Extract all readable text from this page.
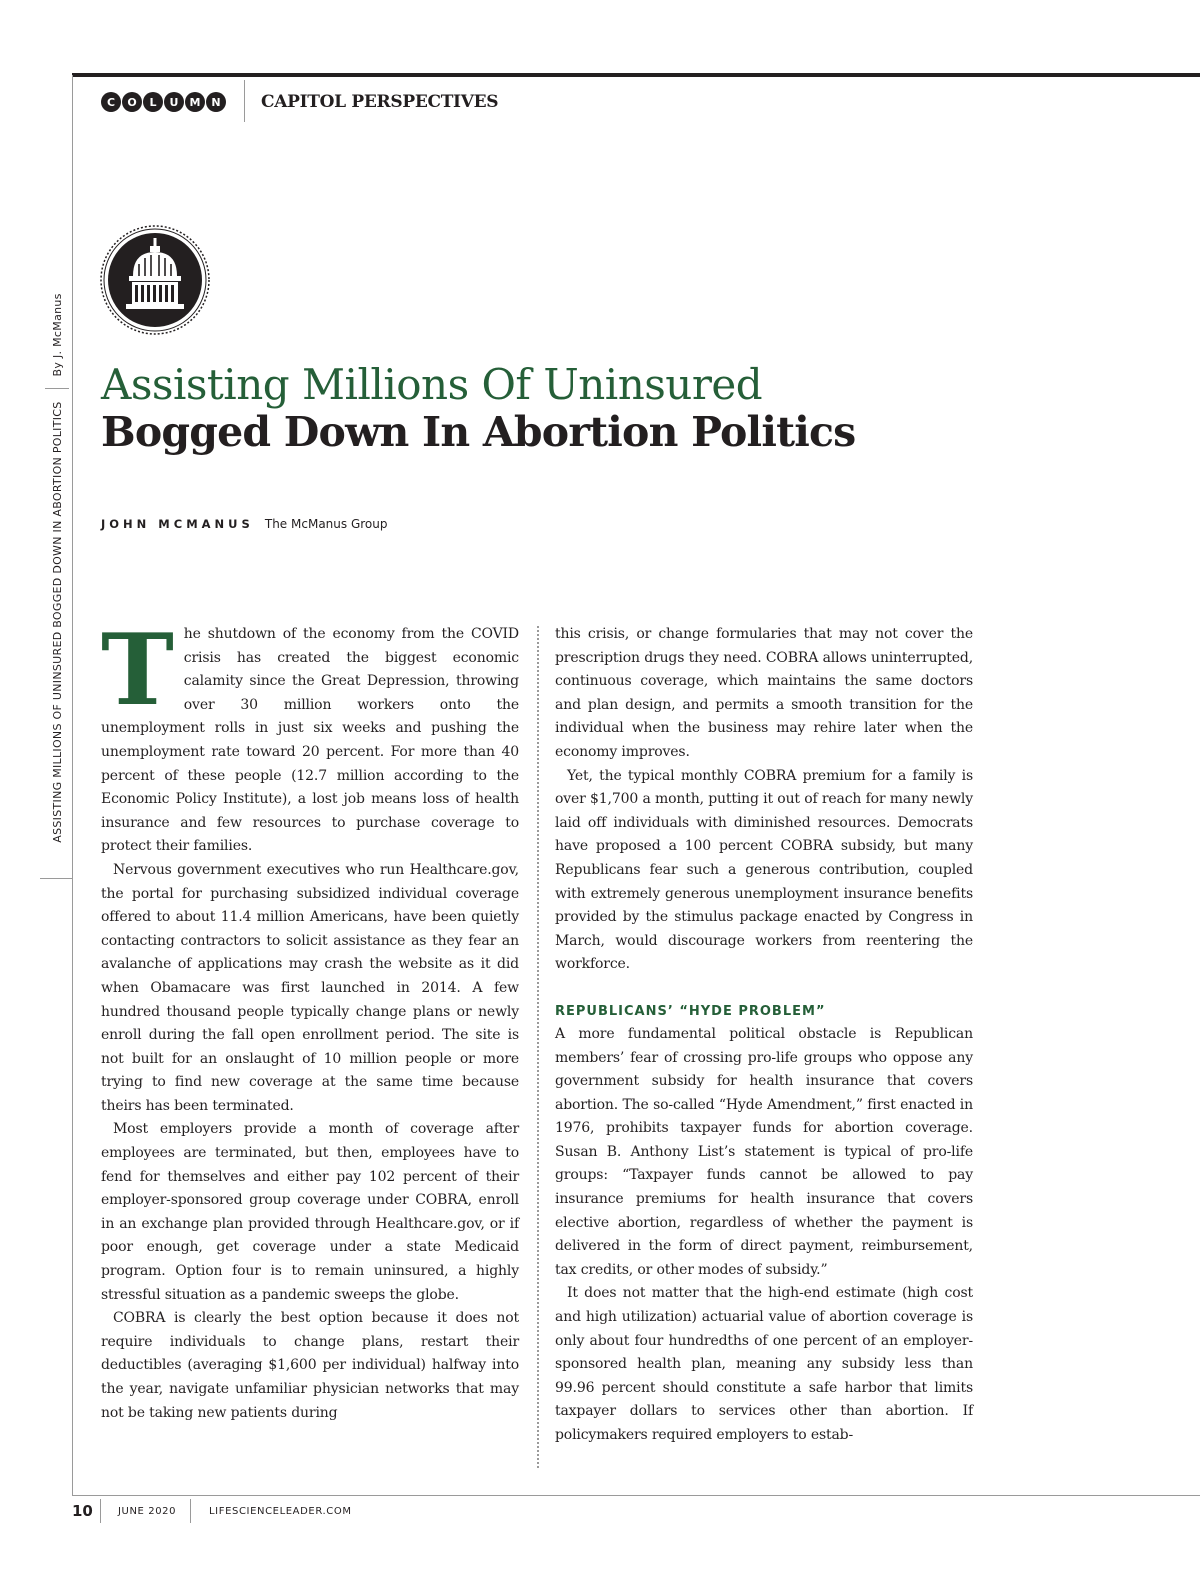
C	O	L	U	M N	CAPITOL PERSPECTIVES
ASSISTING MILLIONS OF UNINSURED BOGGED DOWN IN ABORTION POLITICS
By J. McManus
Assisting Millions Of Uninsured
Bogged Down In Abortion Politics
JOHN MCMANUS The McManus Group

The shutdown of the economy from the COVID crisis has created the biggest economic calamity since the Great Depression, throwing over 30 million workers onto the unemployment rolls in just six weeks and pushing the unemployment rate toward 20 percent. For more than 40 percent of these people (12.7 million according to the Economic Policy Institute), a lost job means loss of health insurance and few resources to purchase coverage to protect their families.

Nervous government executives who run Healthcare.gov, the portal for purchasing subsidized individual coverage offered to about 11.4 million Americans, have been quietly contacting contractors to solicit assistance as they fear an avalanche of applications may crash the website as it did when Obamacare was first launched in 2014. A few hundred thousand people typically change plans or newly enroll during the fall open enrollment period. The site is not built for an onslaught of 10 million people or more trying to find new coverage at the same time because theirs has been terminated.

Most employers provide a month of coverage after employees are terminated, but then, employees have to fend for themselves and either pay 102 percent of their employer-sponsored group coverage under COBRA, enroll in an exchange plan provided through Healthcare.gov, or if poor enough, get coverage under a state Medicaid program. Option four is to remain uninsured, a highly stressful situation as a pandemic sweeps the globe.

COBRA is clearly the best option because it does not require individuals to change plans, restart their deductibles (averaging $1,600 per individual) halfway into the year, navigate unfamiliar physician networks that may not be taking new patients during

this crisis, or change formularies that may not cover the prescription drugs they need. COBRA allows uninterrupted, continuous coverage, which maintains the same doctors and plan design, and permits a smooth transition for the individual when the business may rehire later when the economy improves.

Yet, the typical monthly COBRA premium for a family is over $1,700 a month, putting it out of reach for many newly laid off individuals with diminished resources. Democrats have proposed a 100 percent COBRA subsidy, but many Republicans fear such a generous contribution, coupled with extremely generous unemployment insurance benefits provided by the stimulus package enacted by Congress in March, would discourage workers from reentering the workforce.

REPUBLICANS’ “HYDE PROBLEM”

A more fundamental political obstacle is Republican members’ fear of crossing pro-life groups who oppose any government subsidy for health insurance that covers abortion. The so-called “Hyde Amendment,” first enacted in 1976, prohibits taxpayer funds for abortion coverage. Susan B. Anthony List’s statement is typical of pro-life groups: “Taxpayer funds cannot be allowed to pay insurance premiums for health insurance that covers elective abortion, regardless of whether the payment is delivered in the form of direct payment, reimbursement, tax credits, or other modes of subsidy.”

It does not matter that the high-end estimate (high cost and high utilization) actuarial value of abortion coverage is only about four hundredths of one percent of an employer-sponsored health plan, meaning any subsidy less than 99.96 percent should constitute a safe harbor that limits taxpayer dollars to services other than abortion. If policymakers required employers to estab-

10	JUNE 2020	LIFESCIENCELEADER.COM
